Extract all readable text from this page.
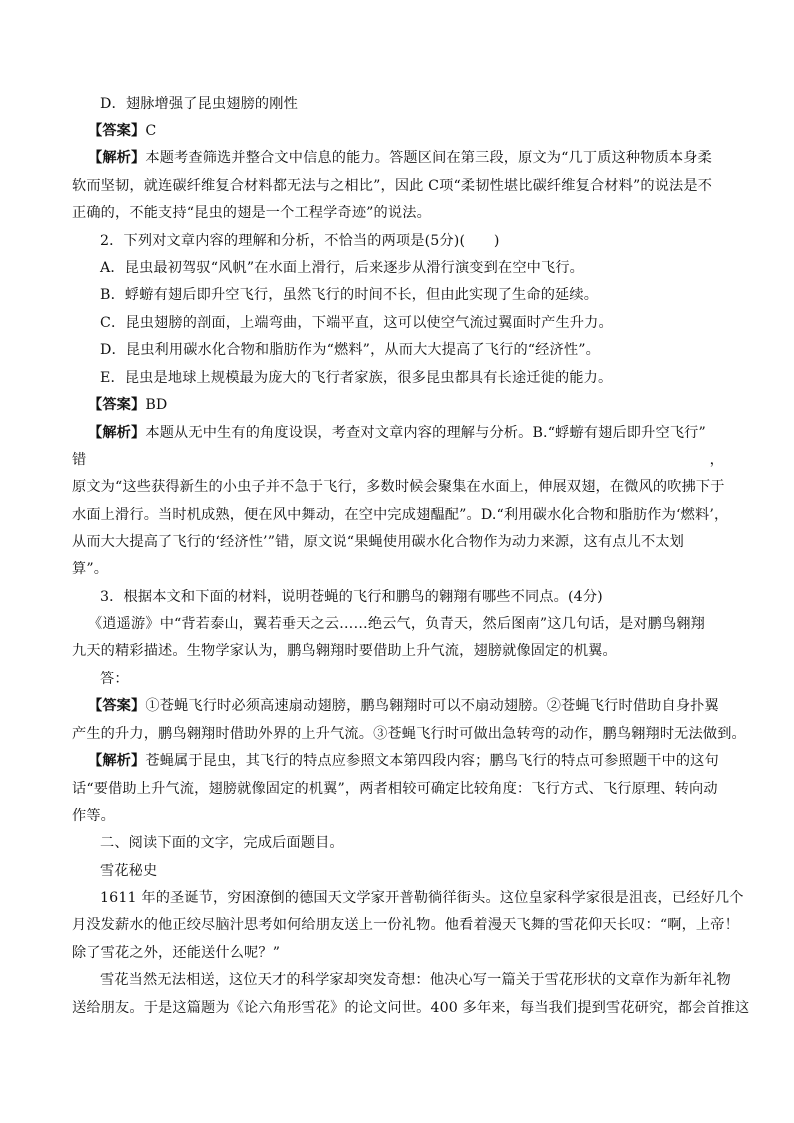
D．翅脉增强了昆虫翅膀的刚性
【答案】C
【解析】本题考查筛选并整合文中信息的能力。答题区间在第三段，原文为“几丁质这种物质本身柔
软而坚韧，就连碳纤维复合材料都无法与之相比”，因此 C项“柔韧性堪比碳纤维复合材料”的说法是不
正确的，不能支持“昆虫的翅是一个工程学奇迹”的说法。
2．下列对文章内容的理解和分析，不恰当的两项是(5分)(　　)
A．昆虫最初驾驭“风帆”在水面上滑行，后来逐步从滑行演变到在空中飞行。
B．蜉蝣有翅后即升空飞行，虽然飞行的时间不长，但由此实现了生命的延续。
C．昆虫翅膀的剖面，上端弯曲，下端平直，这可以使空气流过翼面时产生升力。
D．昆虫利用碳水化合物和脂肪作为“燃料”，从而大大提高了飞行的“经济性”。
E．昆虫是地球上规模最为庞大的飞行者家族，很多昆虫都具有长途迁徙的能力。
【答案】BD
【解析】本题从无中生有的角度设误，考查对文章内容的理解与分析。B.“蜉蝣有翅后即升空飞行”
错	，
原文为“这些获得新生的小虫子并不急于飞行，多数时候会聚集在水面上，伸展双翅，在微风的吹拂下于
水面上滑行。当时机成熟，便在风中舞动，在空中完成翅醖配”。D.“利用碳水化合物和脂肪作为‘燃料’，
从而大大提高了飞行的‘经济性’”错，原文说“果蝇使用碳水化合物作为动力来源，这有点儿不太划
算”。
3．根据本文和下面的材料，说明苍蝇的飞行和鹏鸟的翱翔有哪些不同点。(4分)
《逍遥游》中“背若泰山，翼若垂天之云……绝云气，负青天，然后图南”这几句话，是对鹏鸟翱翔
九天的精彩描述。生物学家认为，鹏鸟翱翔时要借助上升气流，翅膀就像固定的机翼。
答：
【答案】①苍蝇飞行时必须高速扇动翅膀，鹏鸟翱翔时可以不扇动翅膀。②苍蝇飞行时借助自身扑翼
产生的升力，鹏鸟翱翔时借助外界的上升气流。③苍蝇飞行时可做出急转弯的动作，鹏鸟翱翔时无法做到。
【解析】苍蝇属于昆虫，其飞行的特点应参照文本第四段内容；鹏鸟飞行的特点可参照题干中的这句
话“要借助上升气流，翅膀就像固定的机翼”，两者相较可确定比较角度：飞行方式、飞行原理、转向动
作等。
二、阅读下面的文字，完成后面题目。
雪花秘史
1611 年的圣诞节，穷困潦倒的德国天文学家开普勒徜徉街头。这位皇家科学家很是沮丧，已经好几个
月没发薪水的他正绞尽脑汁思考如何给朋友送上一份礼物。他看着漫天飞舞的雪花仰天长叹：“啊，上帝！
除了雪花之外，还能送什么呢？”
雪花当然无法相送，这位天才的科学家却突发奇想：他决心写一篇关于雪花形状的文章作为新年礼物
送给朋友。于是这篇题为《论六角形雪花》的论文问世。400 多年来，每当我们提到雪花研究，都会首推这
